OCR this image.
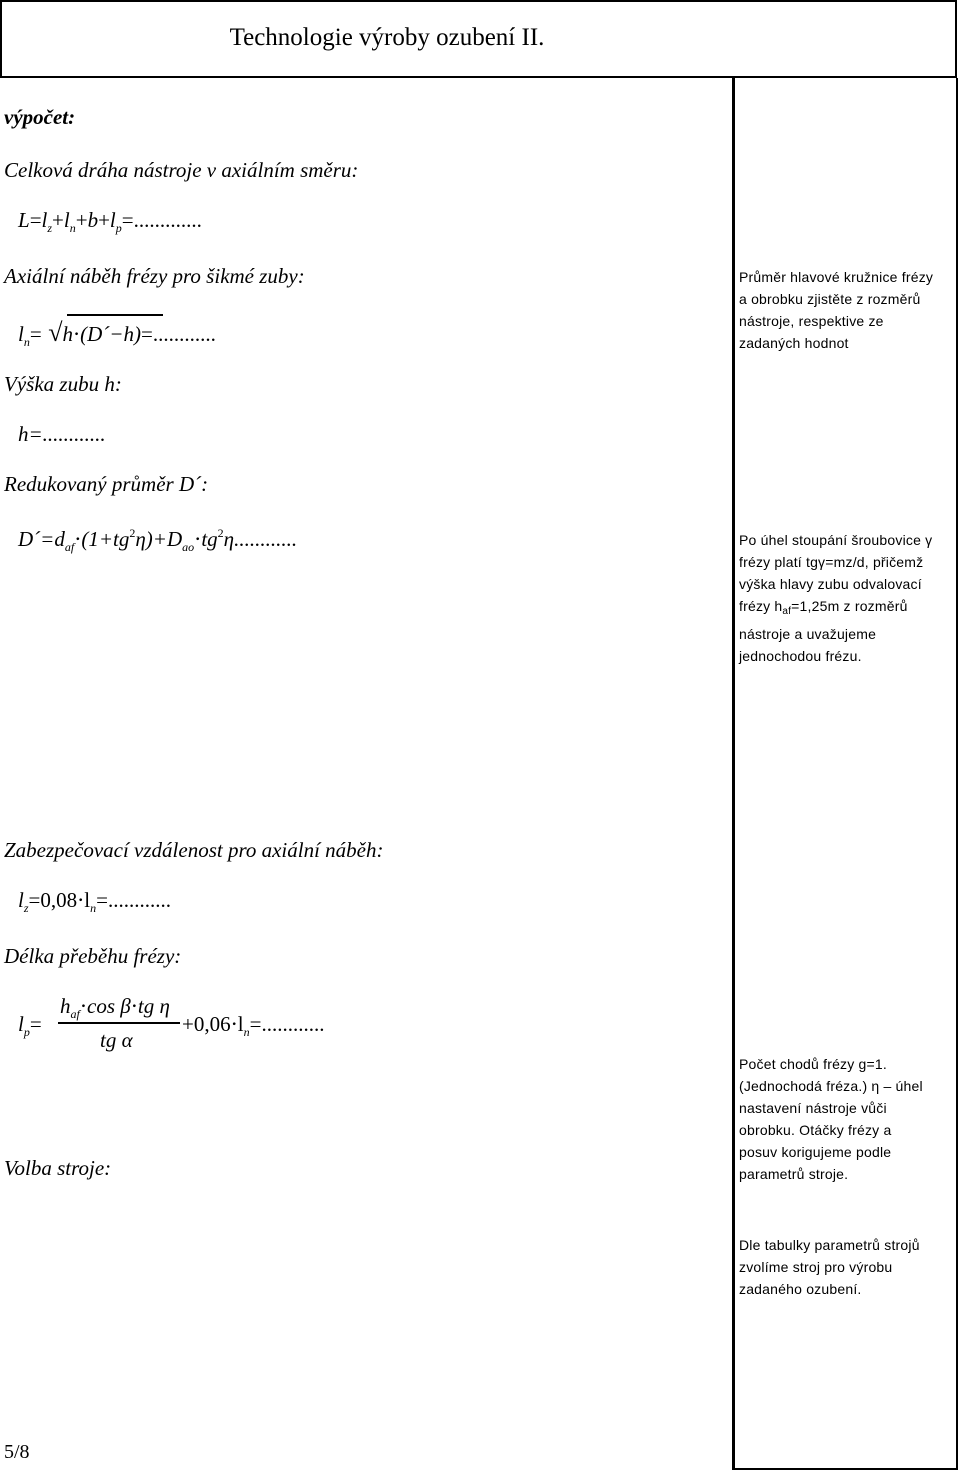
Technologie výroby ozubení II.
výpočet:
Celková dráha nástroje v axiálním směru:
$L=l_z+l_n+b+l_p=$.............
Axiální náběh frézy pro šikmé zuby:
$l_n=$ √h⋅(D´−h)=............
Výška zubu h:
h=............
Redukovaný průměr D´:
$D´=d_{af}\cdot(1+tg^2\eta)+D_{ao}\cdot tg^2\eta$............
Zabezpečovací vzdálenost pro axiální náběh:
$l_z=0,08\cdot l_n=$............
Délka přeběhu frézy:
$l_p=$
$h_{af}\cdot\cos$ β⋅tg η
tg α
$+0,06\cdot l_n=$............
Volba stroje:
5/8
Průměr hlavové kružnice frézy
a obrobku zjistěte z rozměrů
nástroje, respektive ze
zadaných hodnot
Po úhel stoupání šroubovice γ
frézy platí tgγ=mz/d, přičemž
výška hlavy zubu odvalovací
frézy $h_{af}=1,25m$ z rozměrů
nástroje a uvažujeme
jednochodou frézu.
Počet chodů frézy g=1.
(Jednochodá fréza.) η – úhel
nastavení nástroje vůči
obrobku. Otáčky frézy a
posuv korigujeme podle
parametrů stroje.
Dle tabulky parametrů strojů
zvolíme stroj pro výrobu
zadaného ozubení.
